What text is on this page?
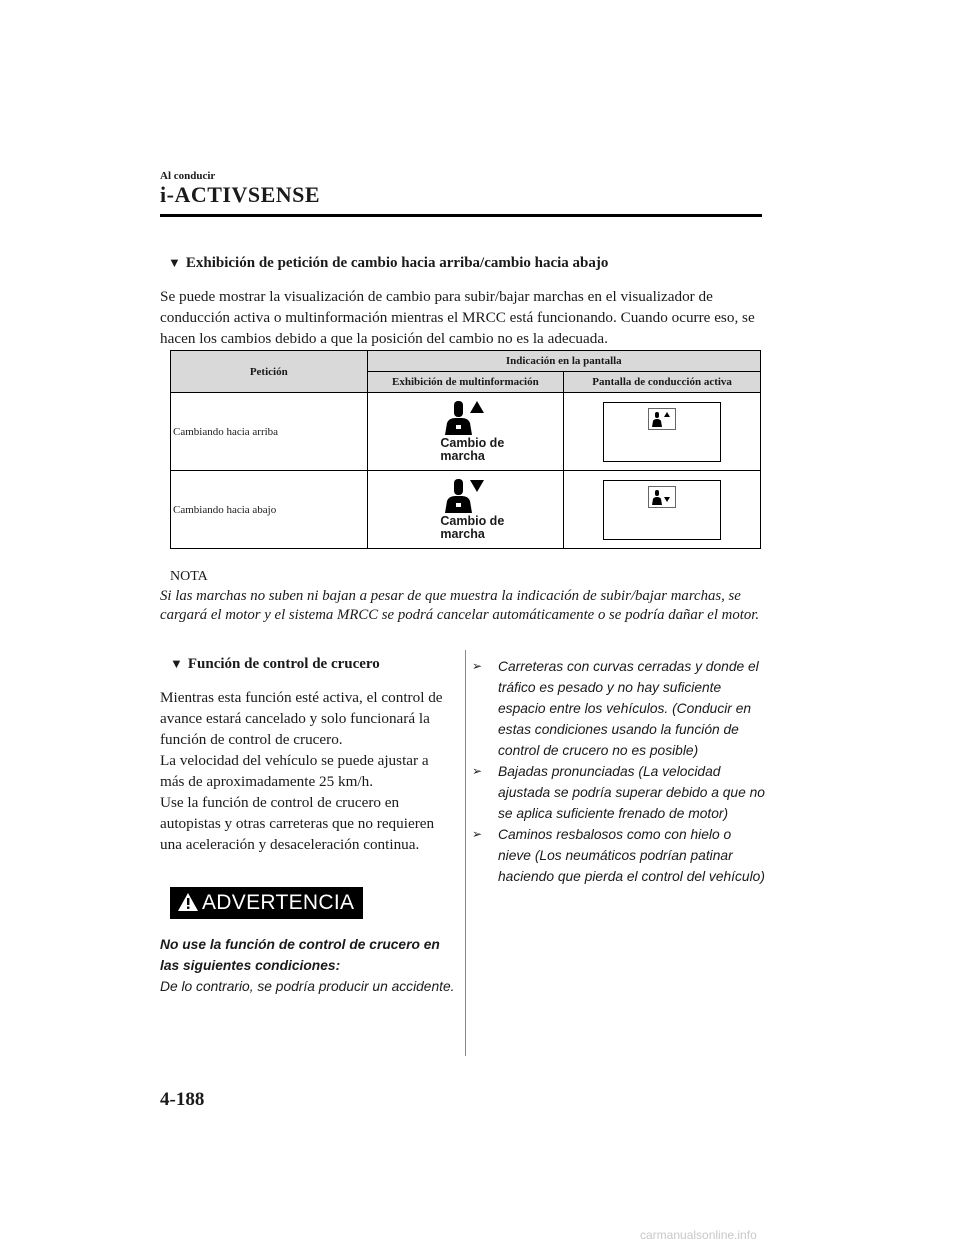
Al conducir
i-ACTIVSENSE
▼ Exhibición de petición de cambio hacia arriba/cambio hacia abajo
Se puede mostrar la visualización de cambio para subir/bajar marchas en el visualizador de conducción activa o multinformación mientras el MRCC está funcionando. Cuando ocurre eso, se hacen los cambios debido a que la posición del cambio no es la adecuada.
Petición	Indicación en la pantalla	
	Exhibición de multinformación	Pantalla de conducción activa
Cambiando hacia arriba	Cambio de marcha

Cambiando hacia abajo	Cambio de marcha

NOTA
Si las marchas no suben ni bajan a pesar de que muestra la indicación de subir/bajar marchas, se cargará el motor y el sistema MRCC se podrá cancelar automáticamente o se podría dañar el motor.
▼ Función de control de crucero
Mientras esta función esté activa, el control de avance estará cancelado y solo funcionará la función de control de crucero.
La velocidad del vehículo se puede ajustar a más de aproximadamente 25 km/h.
Use la función de control de crucero en autopistas y otras carreteras que no requieren una aceleración y desaceleración continua.
ADVERTENCIA
No use la función de control de crucero en las siguientes condiciones:
De lo contrario, se podría producir un accidente.
➢ Carreteras con curvas cerradas y donde el tráfico es pesado y no hay suficiente espacio entre los vehículos. (Conducir en estas condiciones usando la función de control de crucero no es posible)
➢ Bajadas pronunciadas (La velocidad ajustada se podría superar debido a que no se aplica suficiente frenado de motor)
➢ Caminos resbalosos como con hielo o nieve (Los neumáticos podrían patinar haciendo que pierda el control del vehículo)
4-188
carmanualsonline.info
